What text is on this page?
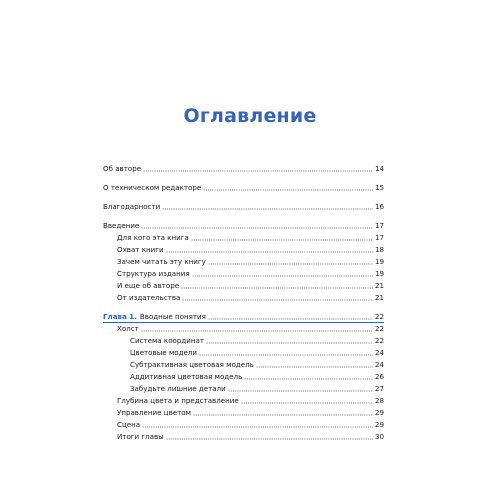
Оглавление
Об авторе	14
О техническом редакторе	15
Благодарности	16
Введение	17
Для кого эта книга	17
Охват книги	18
Зачем читать эту книгу	19
Структура издания	19
И еще об авторе	21
От издательства	21
Глава 1. Вводные понятия	22
Холст	22
Система координат	22
Цветовые модели	24
Субтрактивная цветовая модель	24
Аддитивная цветовая модель	26
Забудьте лишние детали	27
Глубина цвета и представление	28
Управление цветом	29
Сцена	29
Итоги главы	30
